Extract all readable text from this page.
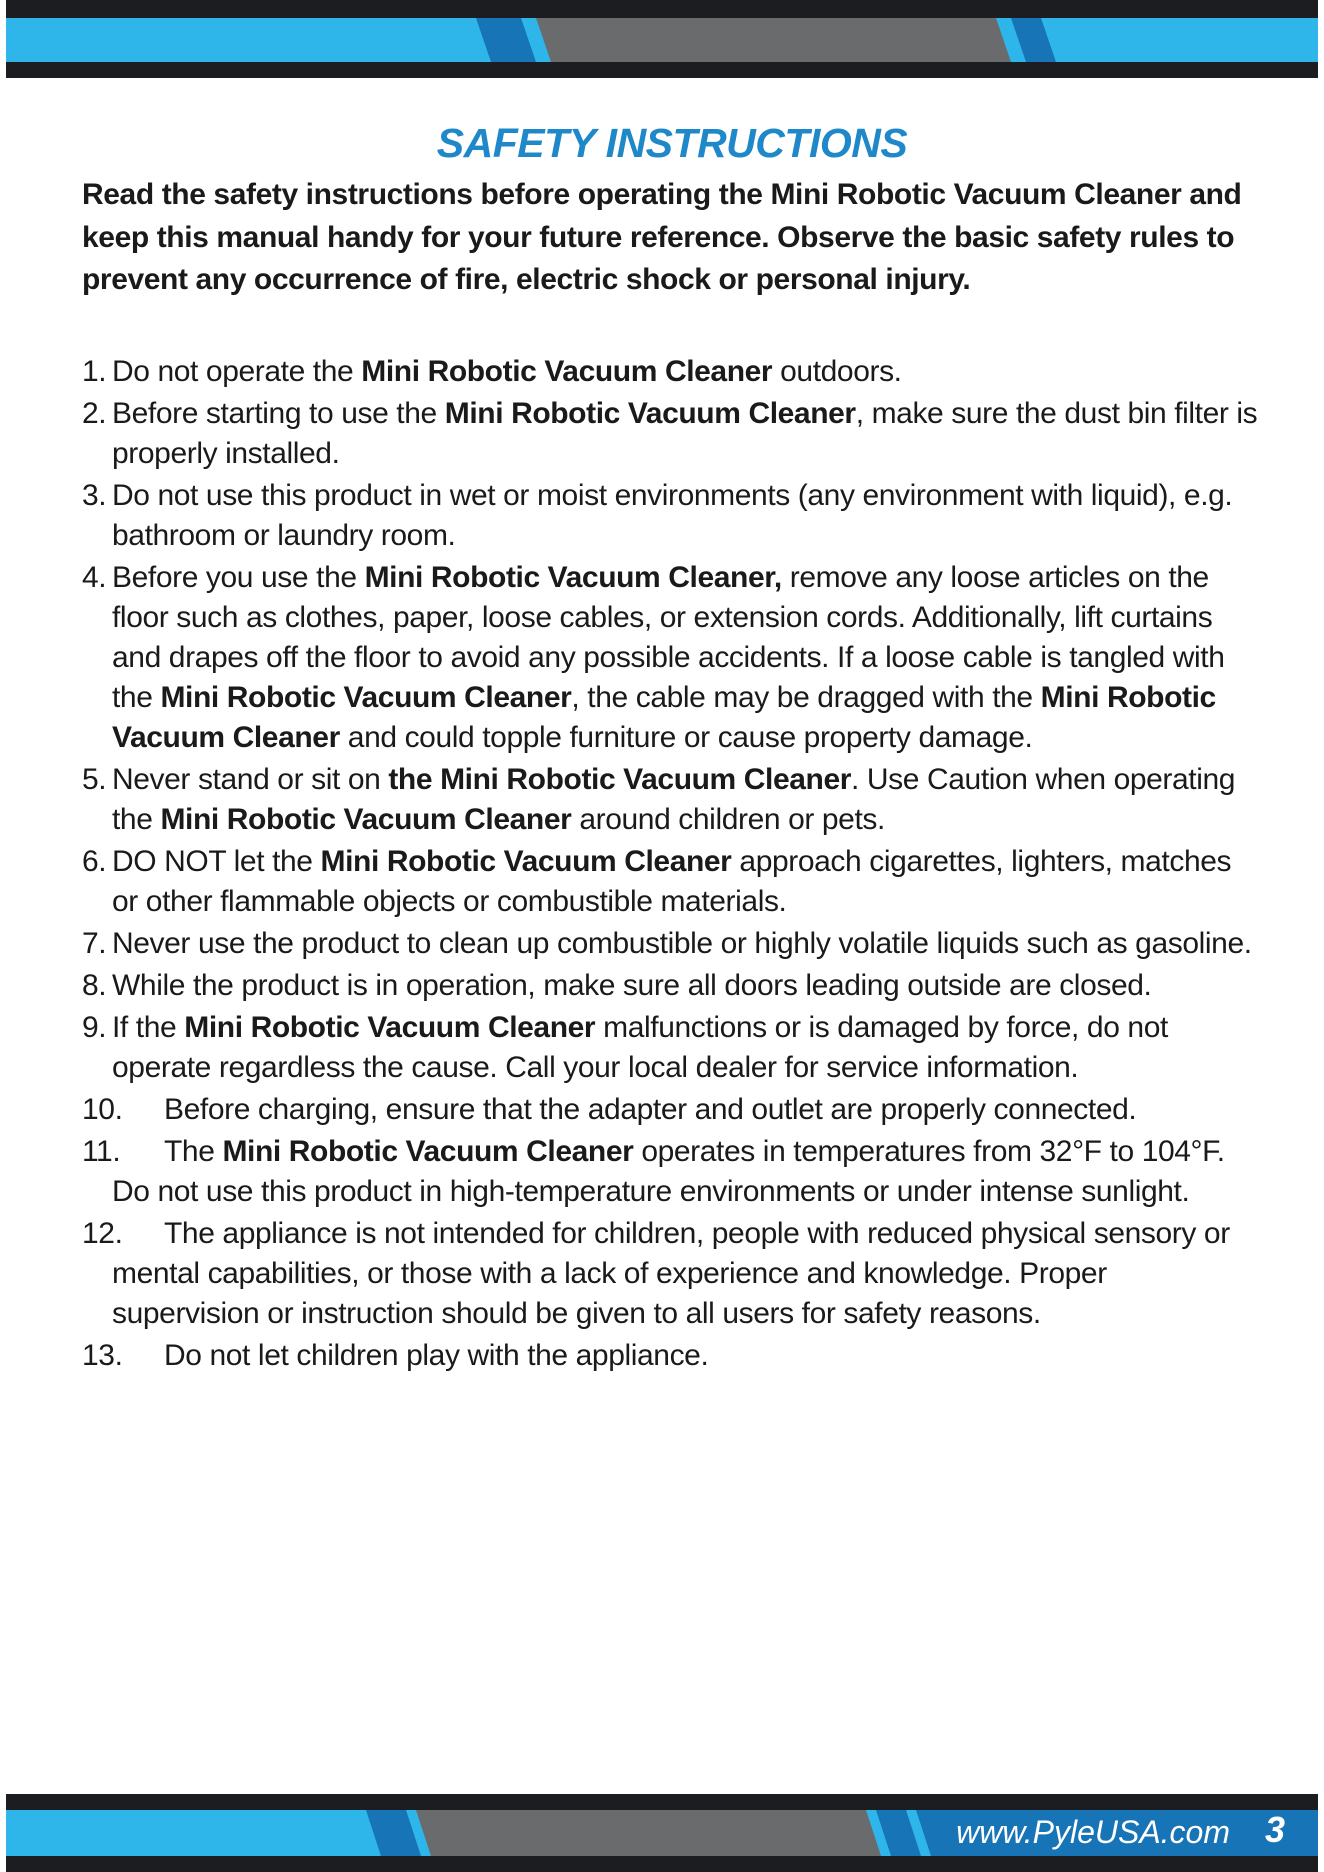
SAFETY INSTRUCTIONS

Read the safety instructions before operating the Mini Robotic Vacuum Cleaner and keep this manual handy for your future reference. Observe the basic safety rules to prevent any occurrence of fire, electric shock or personal injury.

1. Do not operate the Mini Robotic Vacuum Cleaner outdoors.
2. Before starting to use the Mini Robotic Vacuum Cleaner, make sure the dust bin filter is properly installed.
3. Do not use this product in wet or moist environments (any environment with liquid), e.g. bathroom or laundry room.
4. Before you use the Mini Robotic Vacuum Cleaner, remove any loose articles on the floor such as clothes, paper, loose cables, or extension cords. Additionally, lift curtains and drapes off the floor to avoid any possible accidents. If a loose cable is tangled with the Mini Robotic Vacuum Cleaner, the cable may be dragged with the Mini Robotic Vacuum Cleaner and could topple furniture or cause property damage.
5. Never stand or sit on the Mini Robotic Vacuum Cleaner. Use Caution when operating the Mini Robotic Vacuum Cleaner around children or pets.
6. DO NOT let the Mini Robotic Vacuum Cleaner approach cigarettes, lighters, matches or other flammable objects or combustible materials.
7. Never use the product to clean up combustible or highly volatile liquids such as gasoline.
8. While the product is in operation, make sure all doors leading outside are closed.
9. If the Mini Robotic Vacuum Cleaner malfunctions or is damaged by force, do not operate regardless the cause. Call your local dealer for service information.
10. Before charging, ensure that the adapter and outlet are properly connected.
11. The Mini Robotic Vacuum Cleaner operates in temperatures from 32°F to 104°F. Do not use this product in high-temperature environments or under intense sunlight.
12. The appliance is not intended for children, people with reduced physical sensory or mental capabilities, or those with a lack of experience and knowledge. Proper supervision or instruction should be given to all users for safety reasons.
13. Do not let children play with the appliance.
www.PyleUSA.com 3
